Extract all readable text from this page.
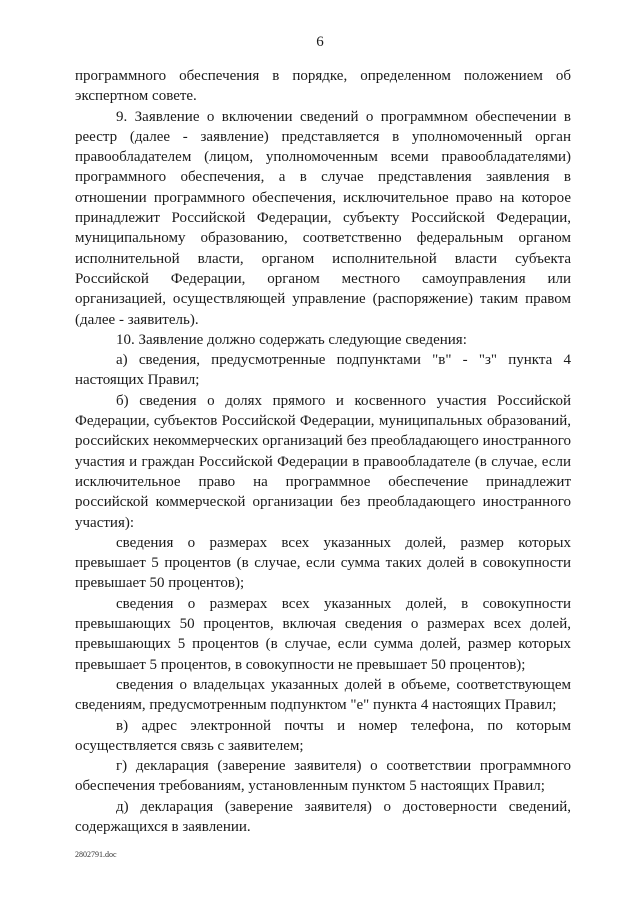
6

программного обеспечения в порядке, определенном положением об экспертном совете.

9. Заявление о включении сведений о программном обеспечении в реестр (далее - заявление) представляется в уполномоченный орган правообладателем (лицом, уполномоченным всеми правообладателями) программного обеспечения, а в случае представления заявления в отношении программного обеспечения, исключительное право на которое принадлежит Российской Федерации, субъекту Российской Федерации, муниципальному образованию, соответственно федеральным органом исполнительной власти, органом исполнительной власти субъекта Российской Федерации, органом местного самоуправления или организацией, осуществляющей управление (распоряжение) таким правом (далее - заявитель).

10. Заявление должно содержать следующие сведения:

а) сведения, предусмотренные подпунктами "в" - "з" пункта 4 настоящих Правил;

б) сведения о долях прямого и косвенного участия Российской Федерации, субъектов Российской Федерации, муниципальных образований, российских некоммерческих организаций без преобладающего иностранного участия и граждан Российской Федерации в правообладателе (в случае, если исключительное право на программное обеспечение принадлежит российской коммерческой организации без преобладающего иностранного участия):

сведения о размерах всех указанных долей, размер которых превышает 5 процентов (в случае, если сумма таких долей в совокупности превышает 50 процентов);

сведения о размерах всех указанных долей, в совокупности превышающих 50 процентов, включая сведения о размерах всех долей, превышающих 5 процентов (в случае, если сумма долей, размер которых превышает 5 процентов, в совокупности не превышает 50 процентов);

сведения о владельцах указанных долей в объеме, соответствующем сведениям, предусмотренным подпунктом "е" пункта 4 настоящих Правил;

в) адрес электронной почты и номер телефона, по которым осуществляется связь с заявителем;

г) декларация (заверение заявителя) о соответствии программного обеспечения требованиям, установленным пунктом 5 настоящих Правил;

д) декларация (заверение заявителя) о достоверности сведений, содержащихся в заявлении.

2802791.doc
